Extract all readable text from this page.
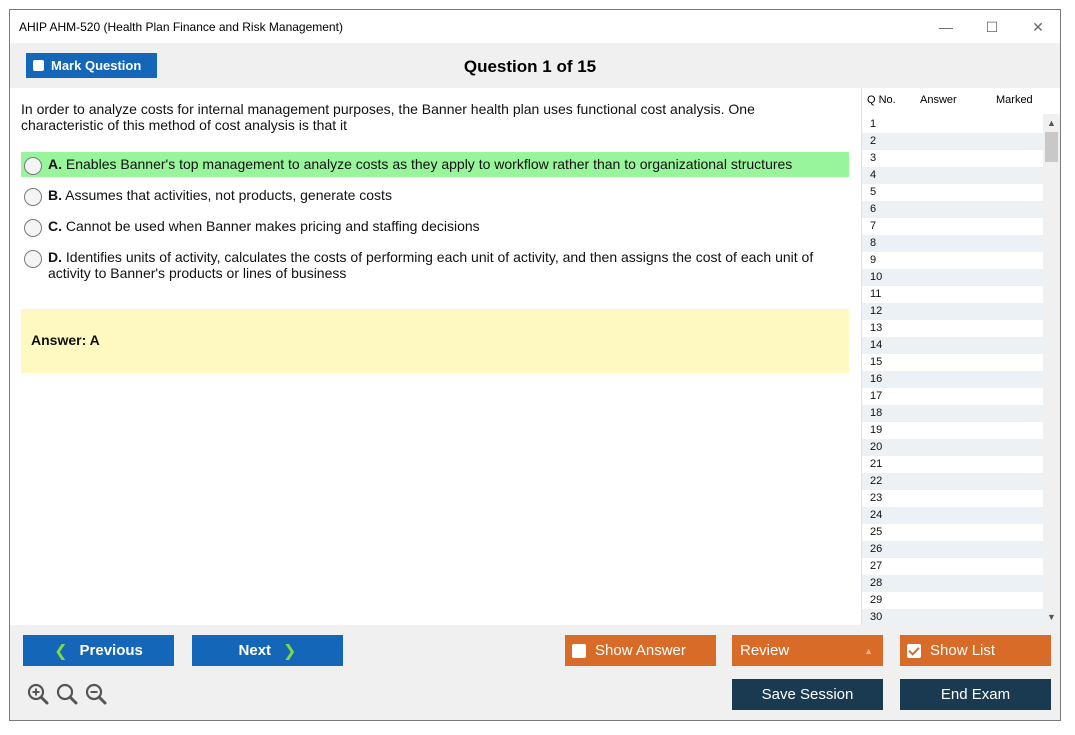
AHIP AHM-520 (Health Plan Finance and Risk Management)	—	☐	✕
Mark Question	Question 1 of 15
In order to analyze costs for internal management purposes, the Banner health plan uses functional cost analysis. One characteristic of this method of cost analysis is that it
A. Enables Banner's top management to analyze costs as they apply to workflow rather than to organizational structures
B. Assumes that activities, not products, generate costs
C. Cannot be used when Banner makes pricing and staffing decisions
D. Identifies units of activity, calculates the costs of performing each unit of activity, and then assigns the cost of each unit of activity to Banner's products or lines of business
Answer: A
Q No. Answer	Marked
1
2
3
4
5
6
7
8
9
10
11
12
13
14
15
16
17
18
19
20
21
22
23
24
25
26
27
28
29
30
▲
▼
❮ Previous	Next ❯	Show Answer	Review	▲	Show List
Save Session	End Exam
